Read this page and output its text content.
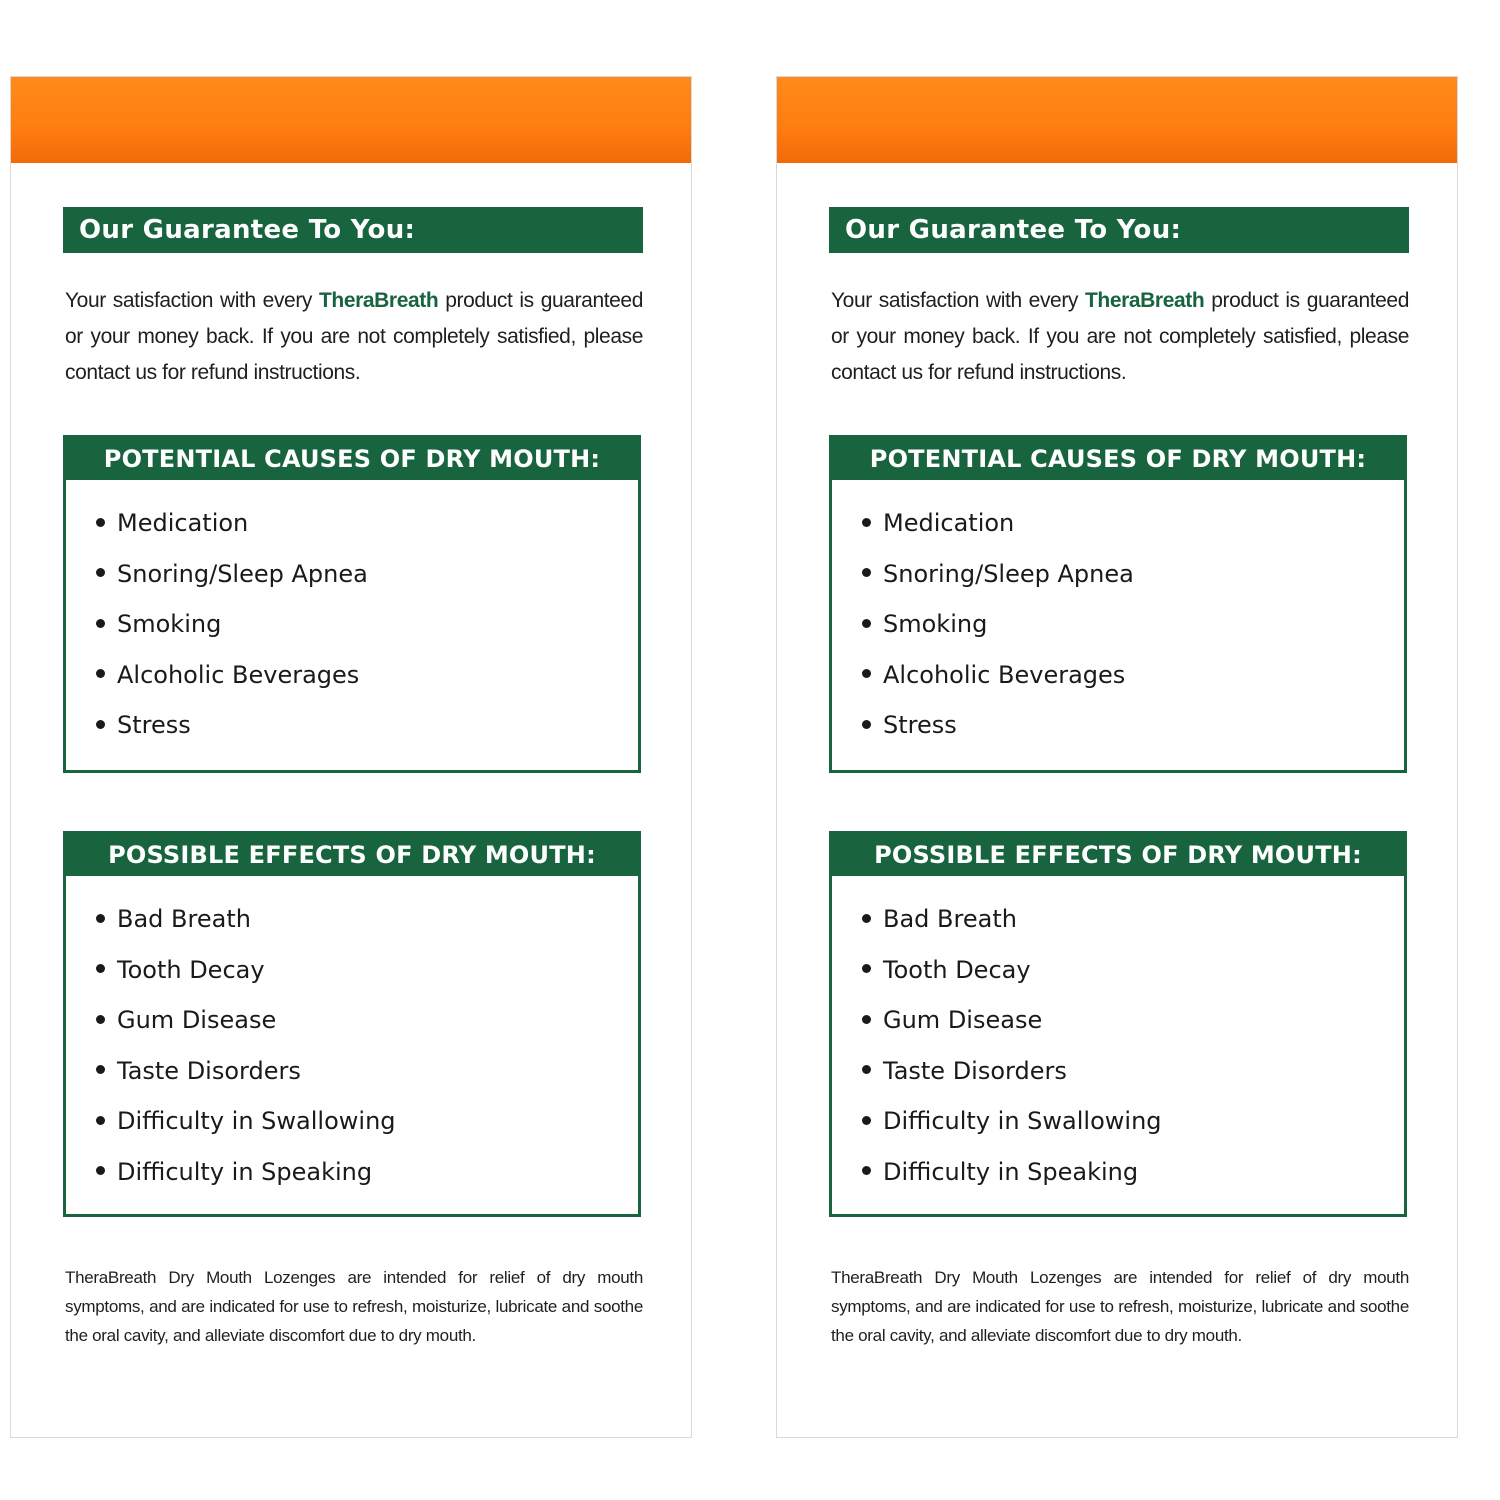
Our Guarantee To You:
Your satisfaction with every TheraBreath product is guaranteed or your money back. If you are not completely satisfied, please contact us for refund instructions.
POTENTIAL CAUSES OF DRY MOUTH:
Medication
Snoring/Sleep Apnea
Smoking
Alcoholic Beverages
Stress
POSSIBLE EFFECTS OF DRY MOUTH:
Bad Breath
Tooth Decay
Gum Disease
Taste Disorders
Difficulty in Swallowing
Difficulty in Speaking
TheraBreath Dry Mouth Lozenges are intended for relief of dry mouth symptoms, and are indicated for use to refresh, moisturize, lubricate and soothe the oral cavity, and alleviate discomfort due to dry mouth.
Our Guarantee To You:
Your satisfaction with every TheraBreath product is guaranteed or your money back. If you are not completely satisfied, please contact us for refund instructions.
POTENTIAL CAUSES OF DRY MOUTH:
Medication
Snoring/Sleep Apnea
Smoking
Alcoholic Beverages
Stress
POSSIBLE EFFECTS OF DRY MOUTH:
Bad Breath
Tooth Decay
Gum Disease
Taste Disorders
Difficulty in Swallowing
Difficulty in Speaking
TheraBreath Dry Mouth Lozenges are intended for relief of dry mouth symptoms, and are indicated for use to refresh, moisturize, lubricate and soothe the oral cavity, and alleviate discomfort due to dry mouth.
